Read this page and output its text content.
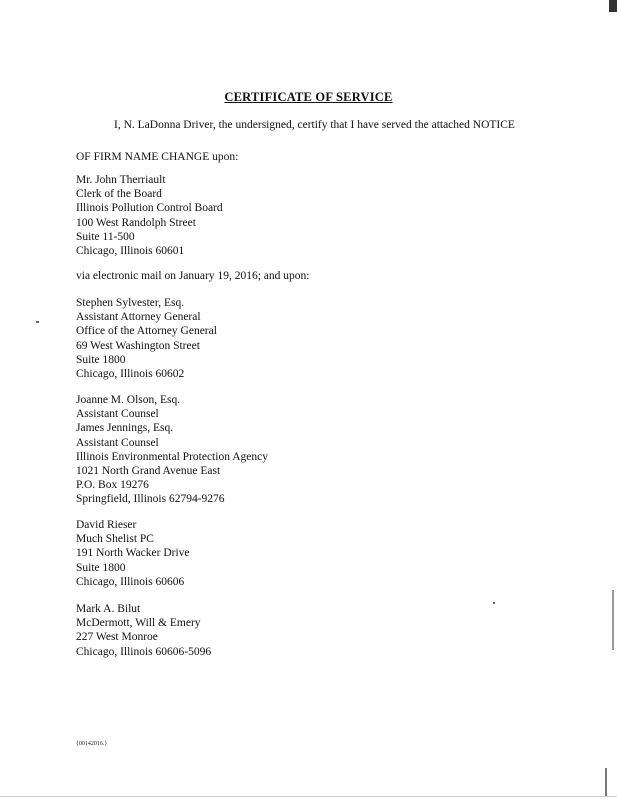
CERTIFICATE OF SERVICE
I, N. LaDonna Driver, the undersigned, certify that I have served the attached NOTICE
OF FIRM NAME CHANGE upon:
Mr. John Therriault
Clerk of the Board
Illinois Pollution Control Board
100 West Randolph Street
Suite 11-500
Chicago, Illinois 60601
via electronic mail on January 19, 2016; and upon:
Stephen Sylvester, Esq.
Assistant Attorney General
Office of the Attorney General
69 West Washington Street
Suite 1800
Chicago, Illinois 60602
Joanne M. Olson, Esq.
Assistant Counsel
James Jennings, Esq.
Assistant Counsel
Illinois Environmental Protection Agency
1021 North Grand Avenue East
P.O. Box 19276
Springfield, Illinois 62794-9276
David Rieser
Much Shelist PC
191 North Wacker Drive
Suite 1800
Chicago, Illinois 60606
Mark A. Bilut
McDermott, Will & Emery
227 West Monroe
Chicago, Illinois 60606-5096
{00142016.}
